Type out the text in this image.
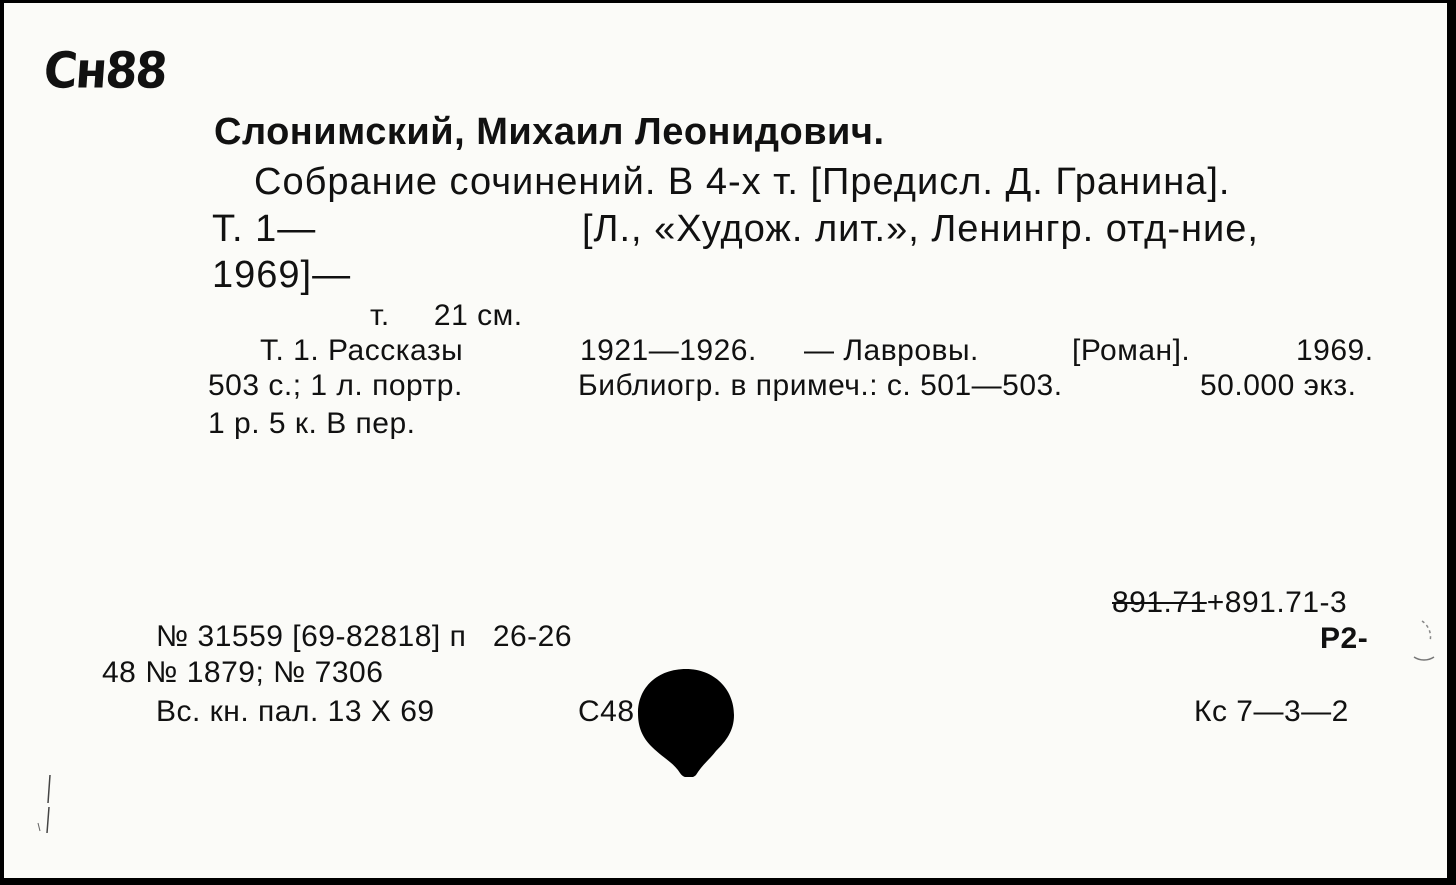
Сн88
Слонимский, Михаил Леонидович.
Собрание сочинений. В 4-х т. [Предисл. Д. Гранина].
Т. 1—	[Л., «Худож. лит.», Ленингр. отд-ние,
1969]—
т.     21 см.
Т. 1. Рассказы	1921—1926. — Лавровы.	[Роман].	1969.
503 с.; 1 л. портр.	Библиогр. в примеч.: с. 501—503.	50.000 экз.
1 р. 5 к. В пер.
891.71+891.71-3
Р2-
Кс 7—3—2
№ 31559 [69-82818] п   26-26
48 № 1879; № 7306
Вс. кн. пал. 13 X 69	С48
